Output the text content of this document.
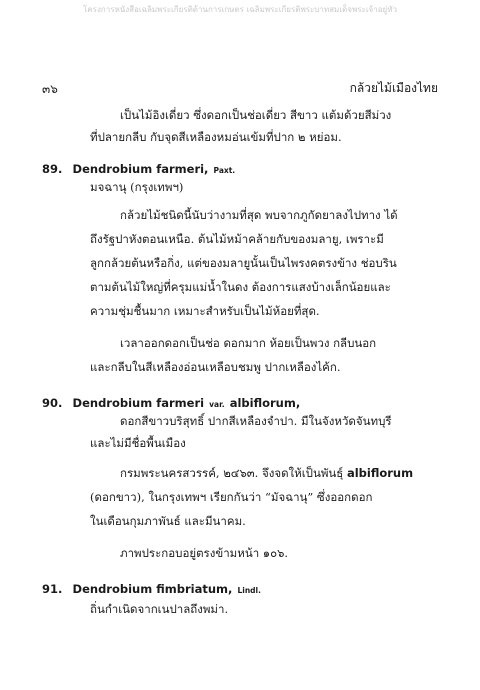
โครงการหนังสือเฉลิมพระเกียรติด้านการเกษตร เฉลิมพระเกียรติพระบาทสมเด็จพระเจ้าอยู่หัว
๓๖	กล้วยไม้เมืองไทย
เป็นไม้อิงเดี่ยว ซึ่งดอกเป็นช่อเดี่ยว สีขาว แต้มด้วยสีม่วง
ที่ปลายกลีบ กับจุดสีเหลืองหมอ่นเข้มที่ปาก ๒ หย่อม.
89. Dendrobium farmeri, Paxt.
มจฉานุ (กรุงเทพฯ)
กล้วยไม้ชนิดนี้นับว่างามที่สุด พบจากภูกัดยาลงไปทาง ได้
ถึงรัฐปาหังตอนเหนือ. ต้นไม้หม้าคล้ายกับของมลายู, เพราะมี
ลูกกล้วยต้นหรือกิ่ง, แต่ของมลายูนั้นเป็นไพรงคตรงข้าง ช่อบริน
ตามต้นไม้ใหญ่ที่ครุมแม่น้ำในดง ต้องการแสงบ้างเล็กน้อยและ
ความชุ่มชื้นมาก เหมาะสำหรับเป็นไม้ห้อยที่สุด.
เวลาออกดอกเป็นช่อ ดอกมาก ห้อยเป็นพวง กลีบนอก
และกลีบในสีเหลืองอ่อนเหลือบชมพู ปากเหลืองไค้ก.
90. Dendrobium farmeri var. albiflorum,
ดอกสีขาวบริสุทธิ์ ปากสีเหลืองจำปา. มีในจังหวัดจันทบุรี
และไม่มีชื่อพื้นเมือง
กรมพระนครสวรรค์, ๒๔๖๓. จึงจดให้เป็นพันธุ์ albiflorum
(ดอกขาว), ในกรุงเทพฯ เรียกกันว่า “มัจฉานุ” ซึ่งออกดอก
ในเดือนกุมภาพันธ์ และมีนาคม.
ภาพประกอบอยู่ตรงข้ามหน้า ๑๐๖.
91. Dendrobium fimbriatum, Lindl.
ถิ่นกำเนิดจากเนปาลถึงพม่า.
